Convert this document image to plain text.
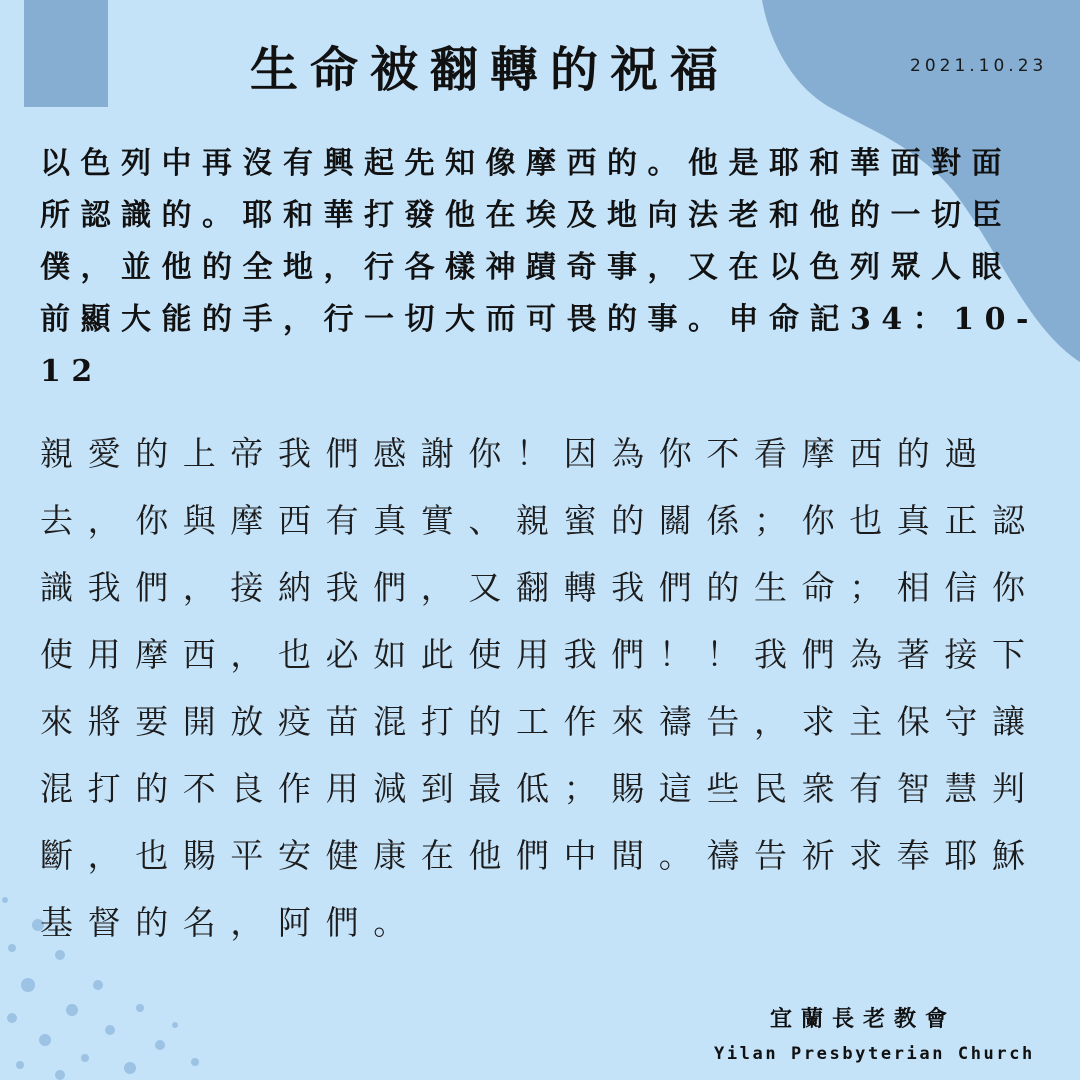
生命被翻轉的祝福	2021.10.23

以色列中再沒有興起先知像摩西的。他是耶和華面對面所認識的。耶和華打發他在埃及地向法老和他的一切臣僕，並他的全地，行各樣神蹟奇事，又在以色列眾人眼前顯大能的手，行一切大而可畏的事。申命記34：10-12

親愛的上帝我們感謝你！因為你不看摩西的過去，你與摩西有真實、親蜜的關係；你也真正認識我們，接納我們，又翻轉我們的生命；相信你使用摩西，也必如此使用我們！！我們為著接下來將要開放疫苗混打的工作來禱告，求主保守讓混打的不良作用減到最低；賜這些民衆有智慧判斷，也賜平安健康在他們中間。禱告祈求奉耶穌基督的名，阿們。

宜蘭長老教會
Yilan Presbyterian Church
